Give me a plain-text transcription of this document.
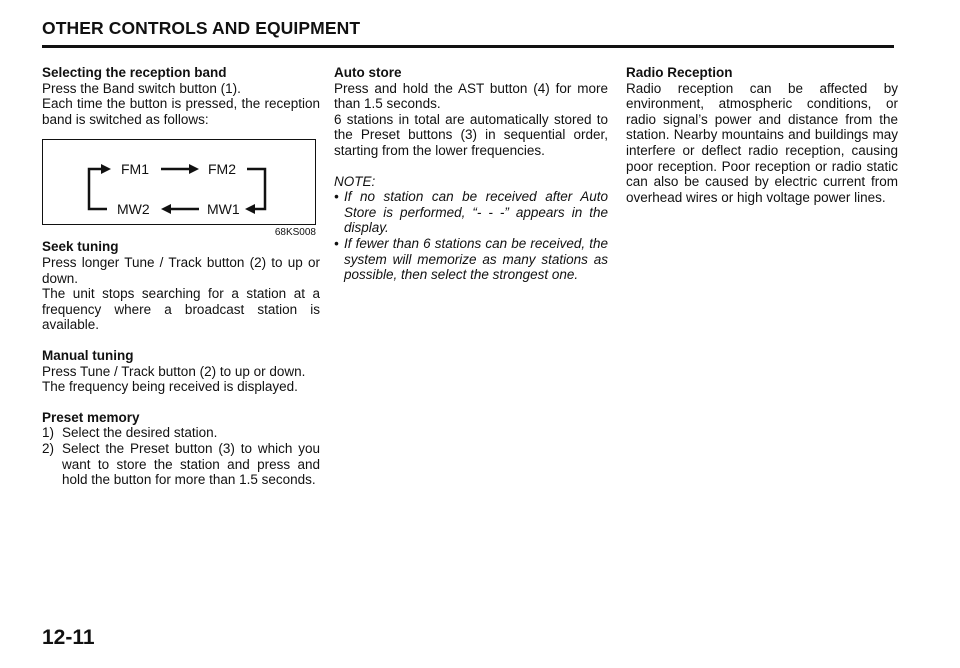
OTHER CONTROLS AND EQUIPMENT
Selecting the reception band

Press the Band switch button (1).

Each time the button is pressed, the reception band is switched as follows:

FM1	FM2
MW1
MW2
68KS008
Seek tuning

Press longer Tune / Track button (2) to up or down.

The unit stops searching for a station at a frequency where a broadcast station is available.

Manual tuning

Press Tune / Track button (2) to up or down.

The frequency being received is displayed.

Preset memory
1) Select the desired station.
2) Select the Preset button (3) to which you want to store the station and press and hold the button for more than 1.5 seconds.
Auto store

Press and hold the AST button (4) for more than 1.5 seconds.

6 stations in total are automatically stored to the Preset buttons (3) in sequential order, starting from the lower frequencies.

NOTE:
• If no station can be received after Auto Store is performed, “- - -” appears in the display.
• If fewer than 6 stations can be received, the system will memorize as many stations as possible, then select the strongest one.
Radio Reception

Radio reception can be affected by environment, atmospheric conditions, or radio signal’s power and distance from the station. Nearby mountains and buildings may interfere or deflect radio reception, causing poor reception. Poor reception or radio static can also be caused by electric current from overhead wires or high voltage power lines.

12-11
